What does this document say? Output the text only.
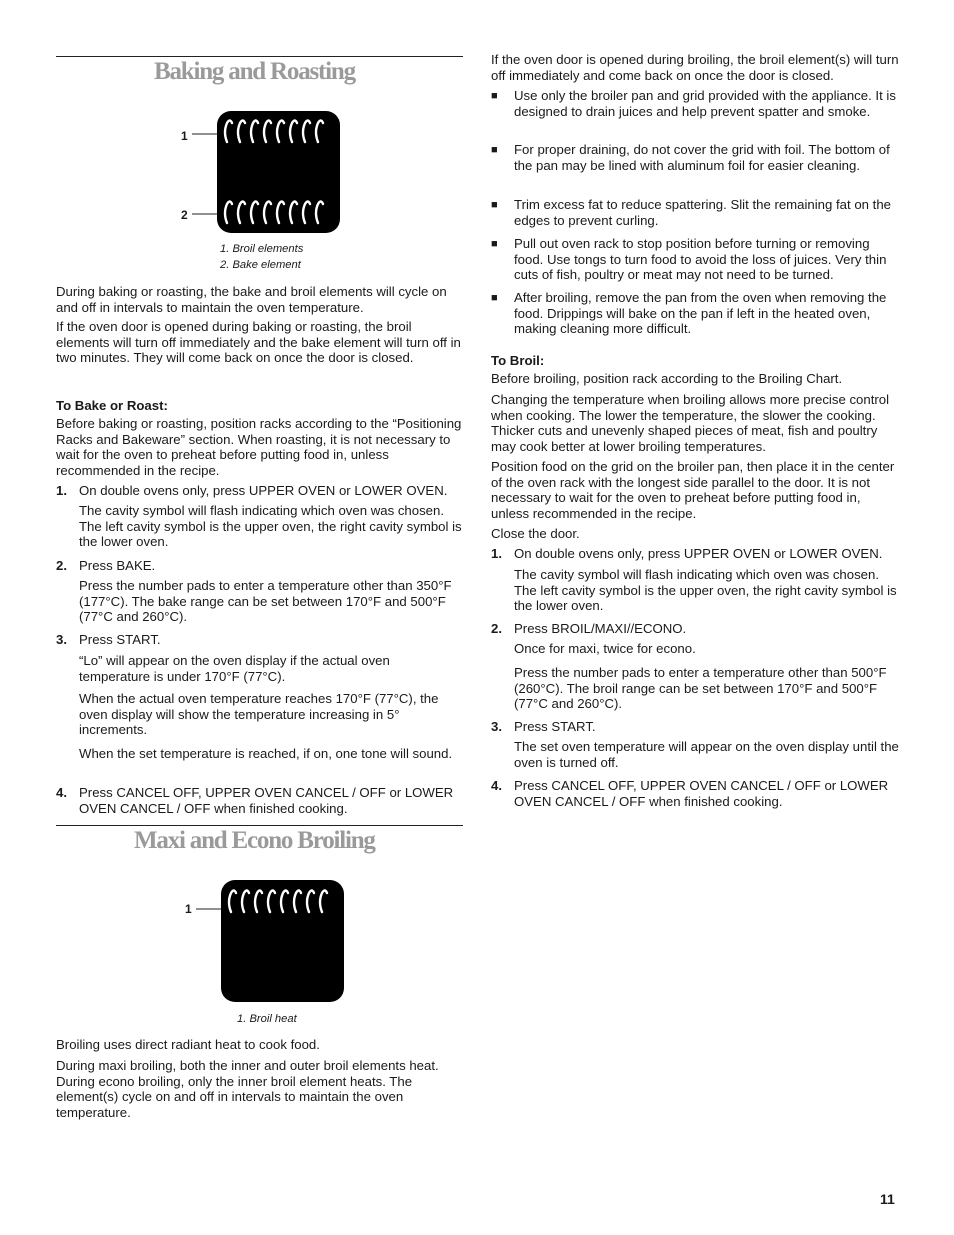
Baking and Roasting
1
2
1. Broil elements
2. Bake element

During baking or roasting, the bake and broil elements will cycle on and off in intervals to maintain the oven temperature.

If the oven door is opened during baking or roasting, the broil elements will turn off immediately and the bake element will turn off in two minutes. They will come back on once the door is closed.

To Bake or Roast:

Before baking or roasting, position racks according to the “Positioning Racks and Bakeware” section. When roasting, it is not necessary to wait for the oven to preheat before putting food in, unless recommended in the recipe.

1. On double ovens only, press UPPER OVEN or LOWER OVEN.

The cavity symbol will flash indicating which oven was chosen. The left cavity symbol is the upper oven, the right cavity symbol is the lower oven.

2. Press BAKE.

Press the number pads to enter a temperature other than 350°F (177°C). The bake range can be set between 170°F and 500°F (77°C and 260°C).

3. Press START.

“Lo” will appear on the oven display if the actual oven temperature is under 170°F (77°C).

When the actual oven temperature reaches 170°F (77°C), the oven display will show the temperature increasing in 5° increments.

When the set temperature is reached, if on, one tone will sound.

4. Press CANCEL OFF, UPPER OVEN CANCEL / OFF or LOWER OVEN CANCEL / OFF when finished cooking.

Maxi and Econo Broiling
1
1. Broil heat

Broiling uses direct radiant heat to cook food.

During maxi broiling, both the inner and outer broil elements heat. During econo broiling, only the inner broil element heats. The element(s) cycle on and off in intervals to maintain the oven temperature.

If the oven door is opened during broiling, the broil element(s) will turn off immediately and come back on once the door is closed.

■ Use only the broiler pan and grid provided with the appliance. It is designed to drain juices and help prevent spatter and smoke.

■ For proper draining, do not cover the grid with foil. The bottom of the pan may be lined with aluminum foil for easier cleaning.

■ Trim excess fat to reduce spattering. Slit the remaining fat on the edges to prevent curling.

■ Pull out oven rack to stop position before turning or removing food. Use tongs to turn food to avoid the loss of juices. Very thin cuts of fish, poultry or meat may not need to be turned.

■ After broiling, remove the pan from the oven when removing the food. Drippings will bake on the pan if left in the heated oven, making cleaning more difficult.

To Broil:

Before broiling, position rack according to the Broiling Chart.

Changing the temperature when broiling allows more precise control when cooking. The lower the temperature, the slower the cooking. Thicker cuts and unevenly shaped pieces of meat, fish and poultry may cook better at lower broiling temperatures.

Position food on the grid on the broiler pan, then place it in the center of the oven rack with the longest side parallel to the door. It is not necessary to wait for the oven to preheat before putting food in, unless recommended in the recipe.

Close the door.

1. On double ovens only, press UPPER OVEN or LOWER OVEN.

The cavity symbol will flash indicating which oven was chosen. The left cavity symbol is the upper oven, the right cavity symbol is the lower oven.

2. Press BROIL/MAXI//ECONO.

Once for maxi, twice for econo.

Press the number pads to enter a temperature other than 500°F (260°C). The broil range can be set between 170°F and 500°F (77°C and 260°C).

3. Press START.

The set oven temperature will appear on the oven display until the oven is turned off.

4. Press CANCEL OFF, UPPER OVEN CANCEL / OFF or LOWER OVEN CANCEL / OFF when finished cooking.

11
